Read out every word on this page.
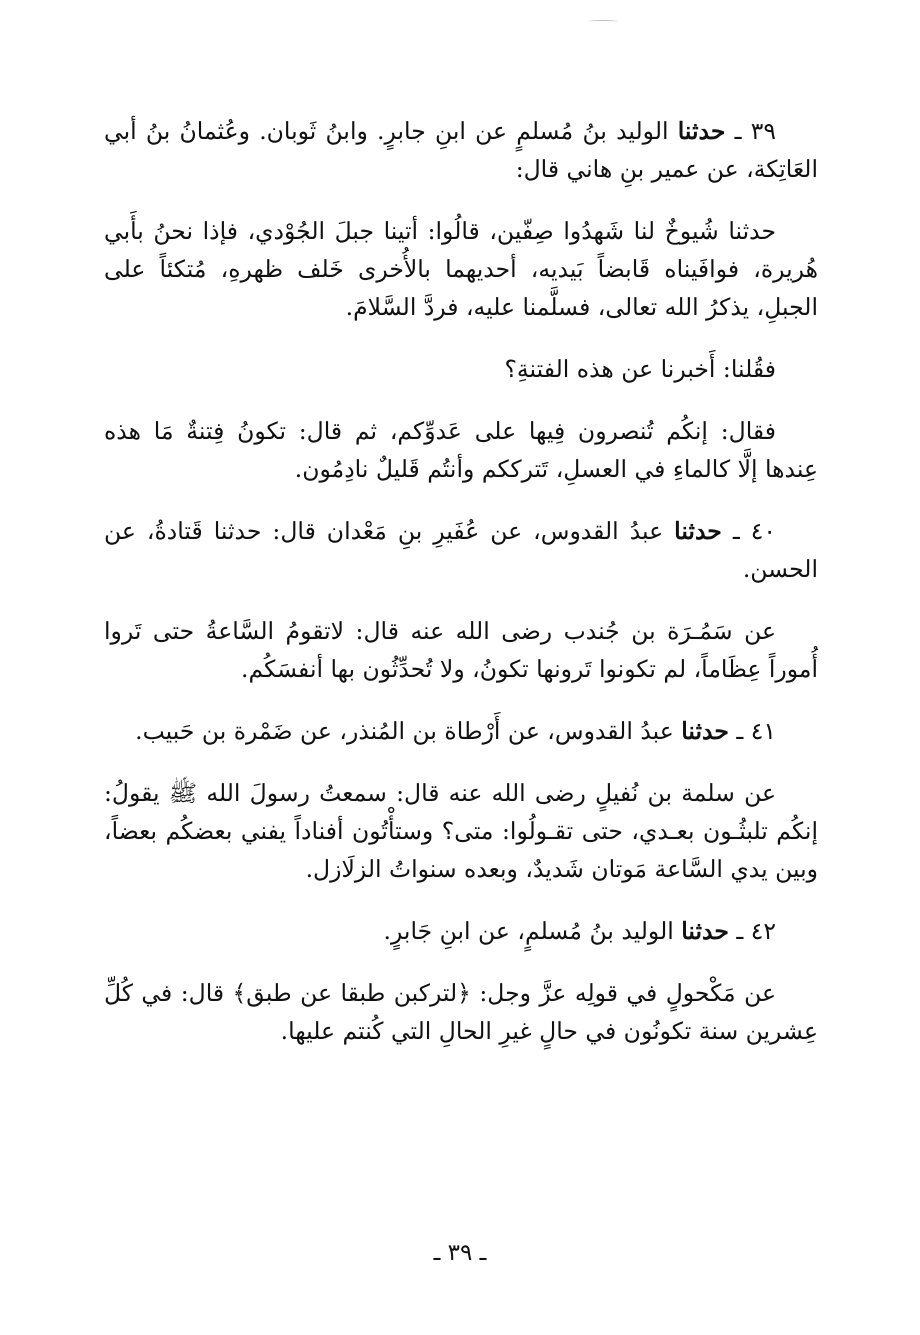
٣٩ ـ حدثنا الوليد بنُ مُسلمٍ عن ابنِ جابرٍ. وابنُ ثَوبان. وعُثمانُ بنُ أبي العَاتِكة، عن عمير بنِ هاني قال:

حدثنا شُيوخٌ لنا شَهدُوا صِفّين، قالُوا: أتينا جبلَ الجُوْدي، فإذا نحنُ بأَبي هُريرة، فوافَيناه قَابضاً بَيديه، أحديهما بالأُخرى خَلف ظهرهِ، مُتكئاً على الجبلِ، يذكرُ الله تعالى، فسلَّمنا عليه، فردَّ السَّلامَ.

فقُلنا: أَخبرنا عن هذه الفتنةِ؟

فقال: إنكُم تُنصرون فِيها على عَدوِّكم، ثم قال: تكونُ فِتنةٌ مَا هذه عِندها إلَّا كالماءِ في العسلِ، تَترككم وأنتُم قَليلٌ نادِمُون.

٤٠ ـ حدثنا عبدُ القدوس، عن عُفَيرِ بنِ مَعْدان قال: حدثنا قَتادةُ، عن الحسن.

عن سَمُـرَة بن جُندب رضى الله عنه قال: لاتقومُ السَّاعةُ حتى تَروا أُموراً عِظَاماً، لم تكونوا تَرونها تكونُ، ولا تُحدِّثُون بها أنفسَكُم.

٤١ ـ حدثنا عبدُ القدوس، عن أَرْطاة بن المُنذر، عن ضَمْرة بن حَبيب.

عن سلمة بن نُفيلٍ رضى الله عنه قال: سمعتُ رسولَ الله ﷺ يقولُ: إنكُم تلبثُـون بعـدي، حتى تقـولُوا: متى؟ وستأْتُون أفناداً يفني بعضكُم بعضاً، وبين يدي السَّاعة مَوتان شَديدٌ، وبعده سنواتُ الزلَازل.

٤٢ ـ حدثنا الوليد بنُ مُسلمٍ، عن ابنِ جَابرٍ.

عن مَكْحولٍ في قولِه عزَّ وجل: ﴿لتركبن طبقا عن طبق﴾ قال: في كُلِّ عِشرين سنة تكونُون في حالٍ غيرِ الحالِ التي كُنتم عليها.

ـ ٣٩ ـ
